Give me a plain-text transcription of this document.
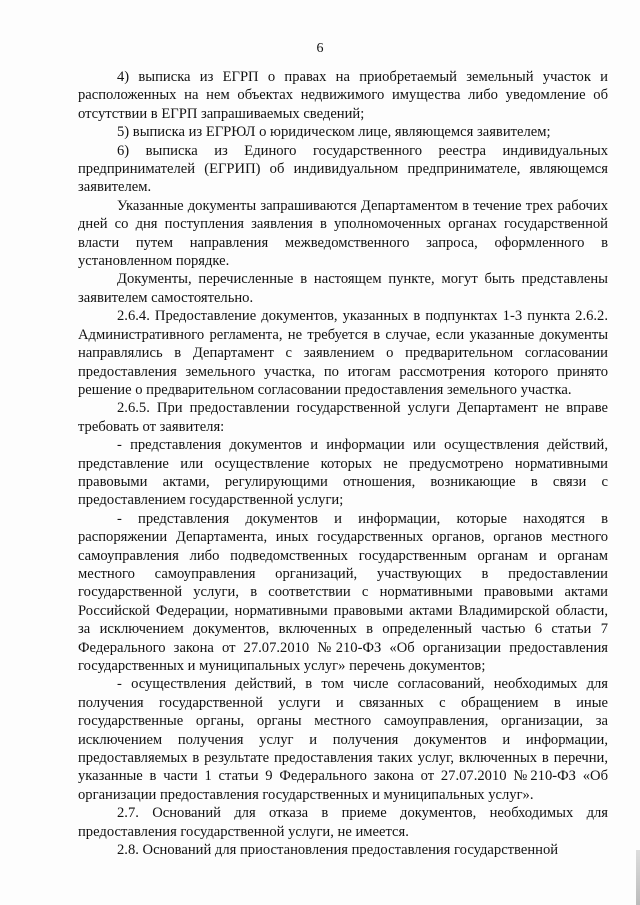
6

4) выписка из ЕГРП о правах на приобретаемый земельный участок и расположенных на нем объектах недвижимого имущества либо уведомление об отсутствии в ЕГРП запрашиваемых сведений;

5) выписка из ЕГРЮЛ о юридическом лице, являющемся заявителем;

6) выписка из Единого государственного реестра индивидуальных предпринимателей (ЕГРИП) об индивидуальном предпринимателе, являющемся заявителем.

Указанные документы запрашиваются Департаментом в течение трех рабочих дней со дня поступления заявления в уполномоченных органах государственной власти путем направления межведомственного запроса, оформленного в установленном порядке.

Документы, перечисленные в настоящем пункте, могут быть представлены заявителем самостоятельно.

2.6.4. Предоставление документов, указанных в подпунктах 1-3 пункта 2.6.2. Административного регламента, не требуется в случае, если указанные документы направлялись в Департамент с заявлением о предварительном согласовании предоставления земельного участка, по итогам рассмотрения которого принято решение о предварительном согласовании предоставления земельного участка.

2.6.5. При предоставлении государственной услуги Департамент не вправе требовать от заявителя:

- представления документов и информации или осуществления действий, представление или осуществление которых не предусмотрено нормативными правовыми актами, регулирующими отношения, возникающие в связи с предоставлением государственной услуги;

- представления документов и информации, которые находятся в распоряжении Департамента, иных государственных органов, органов местного самоуправления либо подведомственных государственным органам и органам местного самоуправления организаций, участвующих в предоставлении государственной услуги, в соответствии с нормативными правовыми актами Российской Федерации, нормативными правовыми актами Владимирской области, за исключением документов, включенных в определенный частью 6 статьи 7 Федерального закона от 27.07.2010 №210-ФЗ «Об организации предоставления государственных и муниципальных услуг» перечень документов;

- осуществления действий, в том числе согласований, необходимых для получения государственной услуги и связанных с обращением в иные государственные органы, органы местного самоуправления, организации, за исключением получения услуг и получения документов и информации, предоставляемых в результате предоставления таких услуг, включенных в перечни, указанные в части 1 статьи 9 Федерального закона от 27.07.2010 №210-ФЗ «Об организации предоставления государственных и муниципальных услуг».

2.7. Оснований для отказа в приеме документов, необходимых для предоставления государственной услуги, не имеется.

2.8. Оснований для приостановления предоставления государственной
